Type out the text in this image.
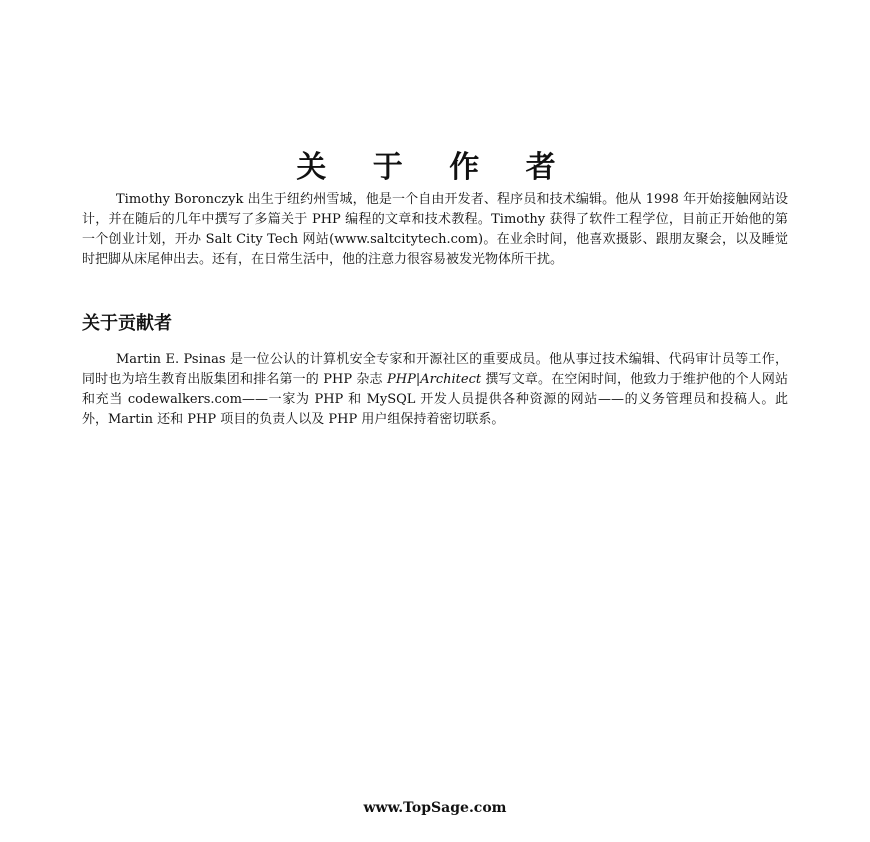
关 于 作 者

Timothy Boronczyk 出生于纽约州雪城，他是一个自由开发者、程序员和技术编辑。他从 1998 年开始接触网站设计，并在随后的几年中撰写了多篇关于 PHP 编程的文章和技术教程。Timothy 获得了软件工程学位，目前正开始他的第一个创业计划，开办 Salt City Tech 网站(www.saltcitytech.com)。在业余时间，他喜欢摄影、跟朋友聚会，以及睡觉时把脚从床尾伸出去。还有，在日常生活中，他的注意力很容易被发光物体所干扰。

关于贡献者

Martin E. Psinas 是一位公认的计算机安全专家和开源社区的重要成员。他从事过技术编辑、代码审计员等工作，同时也为培生教育出版集团和排名第一的 PHP 杂志 PHP|Architect 撰写文章。在空闲时间，他致力于维护他的个人网站和充当 codewalkers.com——一家为 PHP 和 MySQL 开发人员提供各种资源的网站——的义务管理员和投稿人。此外，Martin 还和 PHP 项目的负责人以及 PHP 用户组保持着密切联系。

www.TopSage.com
